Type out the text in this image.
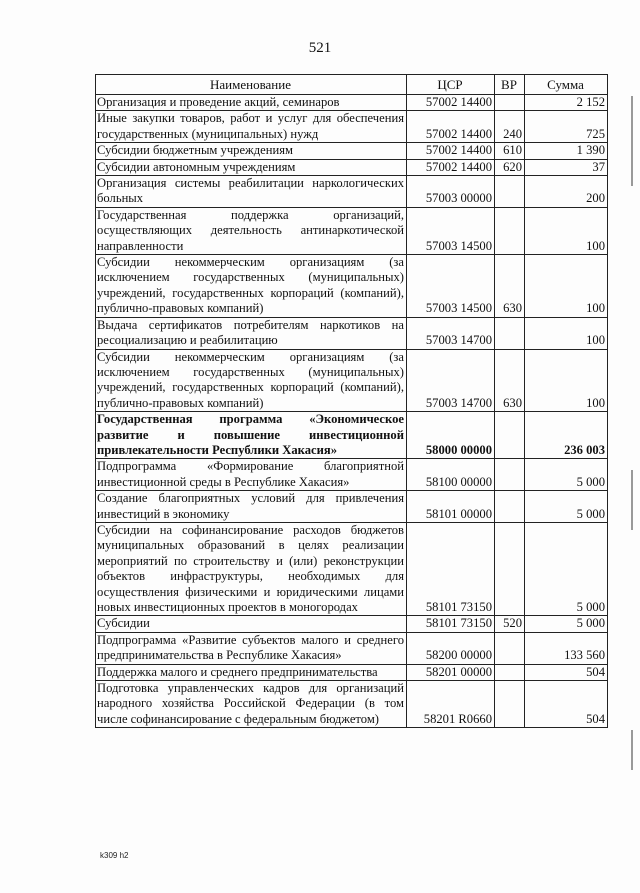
521
Наименование	ЦСР	ВР	Сумма
Организация и проведение акций, семинаров	57002 14400		2 152
Иные закупки товаров, работ и услуг для обеспечения государственных (муниципальных) нужд	57002 14400	240	725
Субсидии бюджетным учреждениям	57002 14400	610	1 390
Субсидии автономным учреждениям	57002 14400	620	37
Организация системы реабилитации наркологических больных	57003 00000		200
Государственная поддержка организаций, осуществляющих деятельность антинаркотической направленности	57003 14500		100
Субсидии некоммерческим организациям (за исключением государственных (муниципальных) учреждений, государственных корпораций (компаний), публично-правовых компаний)	57003 14500	630	100
Выдача сертификатов потребителям наркотиков на ресоциализацию и реабилитацию	57003 14700		100
Субсидии некоммерческим организациям (за исключением государственных (муниципальных) учреждений, государственных корпораций (компаний), публично-правовых компаний)	57003 14700	630	100
Государственная программа «Экономическое развитие и повышение инвестиционной привлекательности Республики Хакасия»	58000 00000		236 003
Подпрограмма «Формирование благоприятной инвестиционной среды в Республике Хакасия»	58100 00000		5 000
Создание благоприятных условий для привлечения инвестиций в экономику	58101 00000		5 000
Субсидии на софинансирование расходов бюджетов муниципальных образований в целях реализации мероприятий по строительству и (или) реконструкции объектов инфраструктуры, необходимых для осуществления физическими и юридическими лицами новых инвестиционных проектов в моногородах	58101 73150		5 000
Субсидии	58101 73150	520	5 000
Подпрограмма «Развитие субъектов малого и среднего предпринимательства в Республике Хакасия»	58200 00000		133 560
Поддержка малого и среднего предпринимательства	58201 00000		504
Подготовка управленческих кадров для организаций народного хозяйства Российской Федерации (в том числе софинансирование с федеральным бюджетом)	58201 R0660		504
k309 h2
